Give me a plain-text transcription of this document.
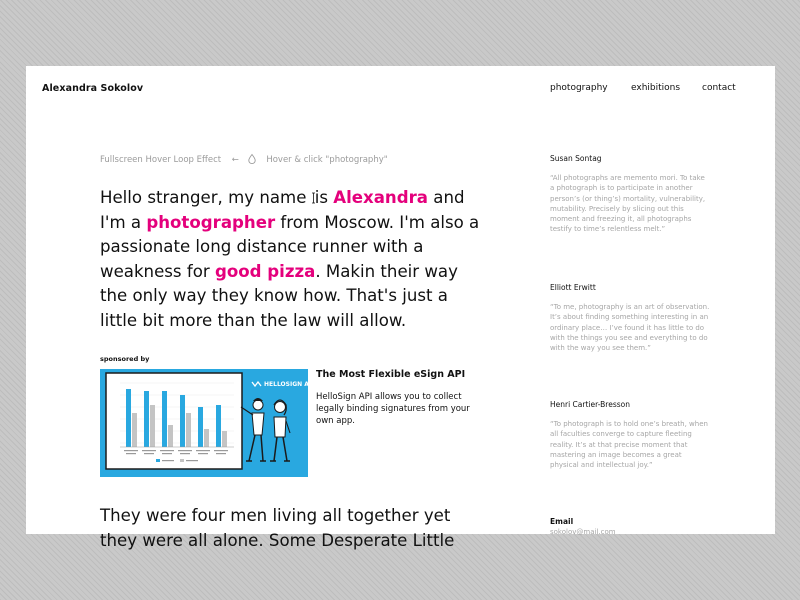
Alexandra Sokolov	photography	exhibitions contact
Fullscreen Hover Loop Effect ←	Hover & click "photography"
Hello stranger, my name is Alexandra and I'm a photographer from Moscow. I'm also a passionate long distance runner with a weakness for good pizza. Makin their way the only way they know how. That's just a little bit more than the law will allow.
sponsored by
HELLOSIGN API
The Most Flexible eSign API
HelloSign API allows you to collect legally binding signatures from your own app.
They were four men living all together yet they were all alone. Some Desperate Little
Susan Sontag
“All photographs are memento mori. To take a photograph is to participate in another person’s (or thing’s) mortality, vulnerability, mutability. Precisely by slicing out this moment and freezing it, all photographs testify to time’s relentless melt.”
Elliott Erwitt
“To me, photography is an art of observation. It’s about finding something interesting in an ordinary place… I’ve found it has little to do with the things you see and everything to do with the way you see them.”
Henri Cartier-Bresson
“To photograph is to hold one’s breath, when all faculties converge to capture fleeting reality. It’s at that precise moment that mastering an image becomes a great physical and intellectual joy.”
Email
sokolov@mail.com
